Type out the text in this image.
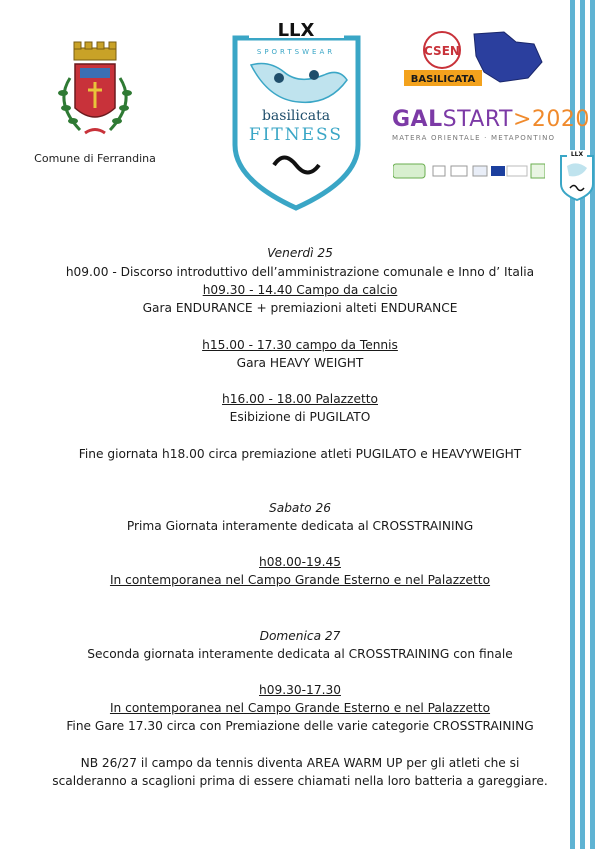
Comune di Ferrandina
LLX
SPORTSWEAR
basilicata
FITNESS
CSEN
BASILICATA
GALSTART>2020
MATERA ORIENTALE · METAPONTINO
LLX
Venerdì 25
h09.00 - Discorso introduttivo dell’amministrazione comunale e Inno d’ Italia
h09.30 - 14.40 Campo da calcio
Gara ENDURANCE + premiazioni alteti ENDURANCE
h15.00 - 17.30 campo da Tennis
Gara HEAVY WEIGHT
h16.00 - 18.00 Palazzetto
Esibizione di PUGILATO
Fine giornata h18.00 circa premiazione atleti PUGILATO e HEAVYWEIGHT
Sabato 26
Prima Giornata interamente dedicata al CROSSTRAINING
h08.00-19.45
In contemporanea nel Campo Grande Esterno e nel Palazzetto
Domenica 27
Seconda giornata interamente dedicata al CROSSTRAINING con finale
h09.30-17.30
In contemporanea nel Campo Grande Esterno e nel Palazzetto
Fine Gare 17.30 circa con Premiazione delle varie categorie CROSSTRAINING
NB 26/27 il campo da tennis diventa AREA WARM UP per gli atleti che si
scalderanno a scaglioni prima di essere chiamati nella loro batteria a gareggiare.
